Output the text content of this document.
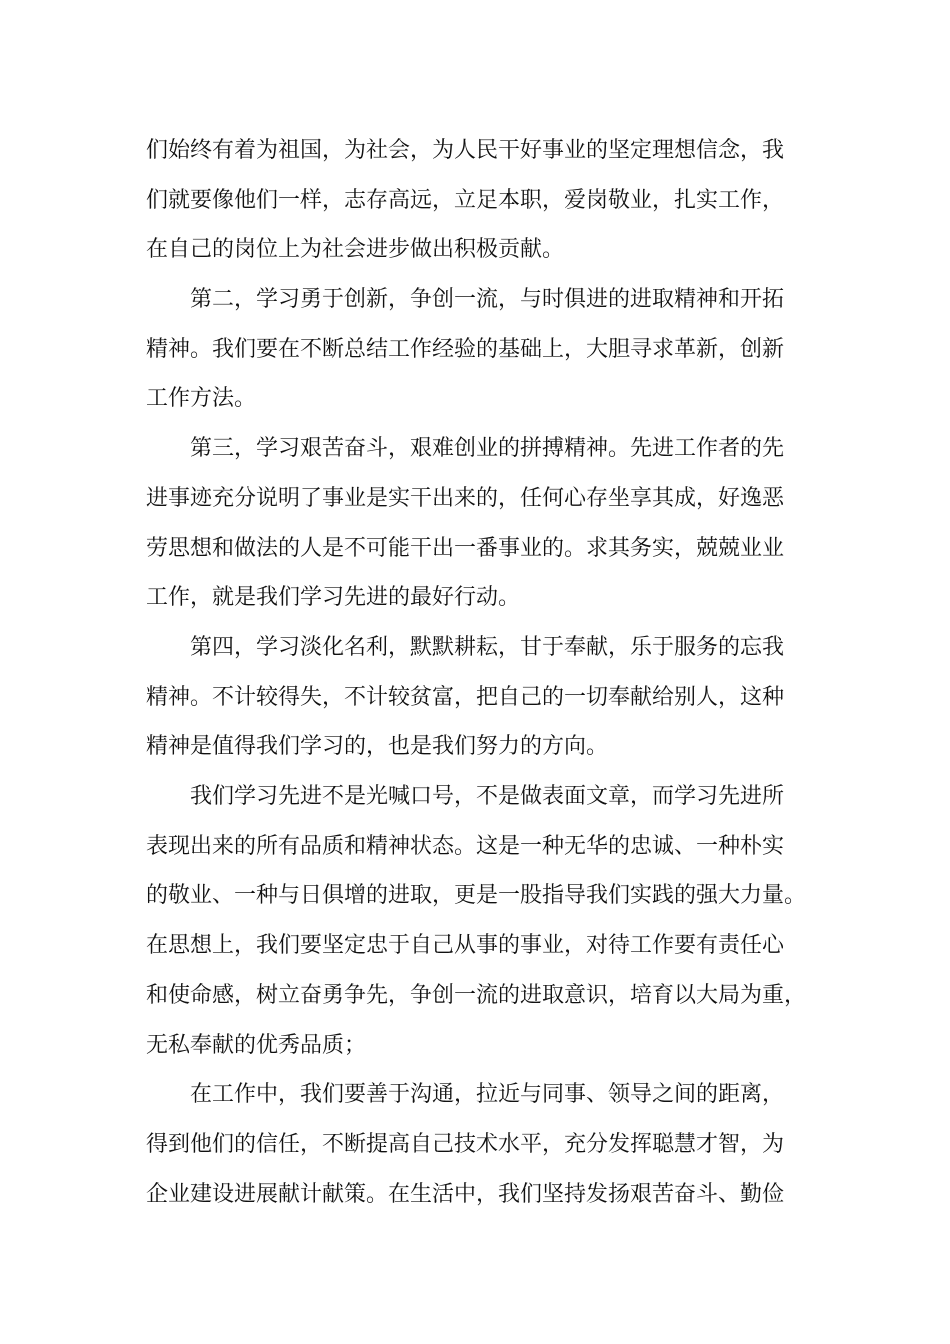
们始终有着为祖国，为社会，为人民干好事业的坚定理想信念，我
们就要像他们一样，志存高远，立足本职，爱岗敬业，扎实工作，
在自己的岗位上为社会进步做出积极贡献。
第二，学习勇于创新，争创一流，与时俱进的进取精神和开拓
精神。我们要在不断总结工作经验的基础上，大胆寻求革新，创新
工作方法。
第三，学习艰苦奋斗，艰难创业的拼搏精神。先进工作者的先
进事迹充分说明了事业是实干出来的，任何心存坐享其成，好逸恶
劳思想和做法的人是不可能干出一番事业的。求其务实，兢兢业业
工作，就是我们学习先进的最好行动。
第四，学习淡化名利，默默耕耘，甘于奉献，乐于服务的忘我
精神。不计较得失，不计较贫富，把自己的一切奉献给别人，这种
精神是值得我们学习的，也是我们努力的方向。
我们学习先进不是光喊口号，不是做表面文章，而学习先进所
表现出来的所有品质和精神状态。这是一种无华的忠诚、一种朴实
的敬业、一种与日俱增的进取，更是一股指导我们实践的强大力量。
在思想上，我们要坚定忠于自己从事的事业，对待工作要有责任心
和使命感，树立奋勇争先，争创一流的进取意识，培育以大局为重，
无私奉献的优秀品质；
在工作中，我们要善于沟通，拉近与同事、领导之间的距离，
得到他们的信任，不断提高自己技术水平，充分发挥聪慧才智，为
企业建设进展献计献策。在生活中，我们坚持发扬艰苦奋斗、勤俭
